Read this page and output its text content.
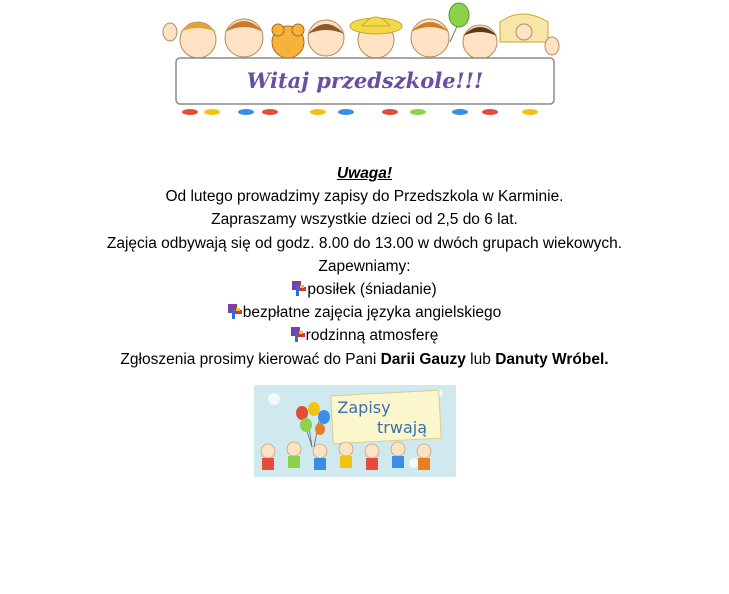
Witaj przedszkole!!!
Uwaga!
Od lutego prowadzimy zapisy do Przedszkola w Karminie.
Zapraszamy wszystkie dzieci od 2,5 do 6 lat.
Zajęcia odbywają się od godz. 8.00 do 13.00 w dwóch grupach wiekowych.
Zapewniamy:
posiłek (śniadanie)
bezpłatne zajęcia języka angielskiego
rodzinną atmosferę
Zgłoszenia prosimy kierować do Pani Darii Gauzy lub Danuty Wróbel.
Zapisy
trwają
